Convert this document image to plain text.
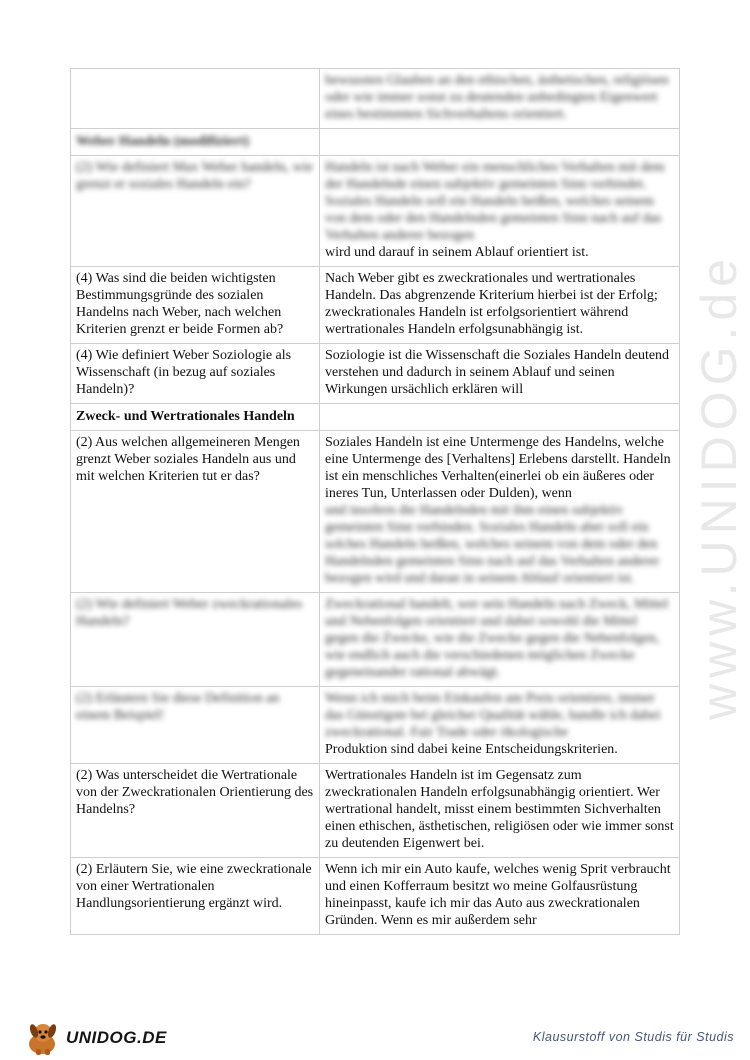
	bewussten Glauben an den ethischen, ästhetischen, religiösen oder wie immer sonst zu deutenden unbedingten Eigenwert eines bestimmten Sichverhaltens orientiert.

Weber Handeln (modifiziert)	
(2) Wie definiert Max Weber handeln, wie grenzt er soziales Handeln ein?	Handeln ist nach Weber ein menschliches Verhalten mit dem der Handelnde einen subjektiv gemeinten Sinn verbindet. Soziales Handeln soll ein Handeln heißen, welches seinem von dem oder den Handelnden gemeinten Sinn nach auf das Verhalten anderer bezogen
wird und darauf in seinem Ablauf orientiert ist.

(4) Was sind die beiden wichtigsten Bestimmungsgründe des sozialen Handelns nach Weber, nach welchen Kriterien grenzt er beide Formen ab?	Nach Weber gibt es zweckrationales und wertrationales Handeln. Das abgrenzende Kriterium hierbei ist der Erfolg; zweckrationales Handeln ist erfolgsorientiert während wertrationales Handeln erfolgsunabhängig ist.

(4) Wie definiert Weber Soziologie als Wissenschaft (in bezug auf soziales Handeln)?	Soziologie ist die Wissenschaft die Soziales Handeln deutend verstehen und dadurch in seinem Ablauf und seinen Wirkungen ursächlich erklären will

Zweck- und Wertrationales Handeln	
(2) Aus welchen allgemeineren Mengen grenzt Weber soziales Handeln aus und mit welchen Kriterien tut er das?	Soziales Handeln ist eine Untermenge des Handelns, welche eine Untermenge des [Verhaltens] Erlebens darstellt. Handeln ist ein menschliches Verhalten(einerlei ob ein äußeres oder ineres Tun, Unterlassen oder Dulden), wenn
und insofern die Handelnden mit ihm einen subjektiv gemeinten Sinn verbinden. Soziales Handeln aber soll ein solches Handeln heißen, welches seinem von dem oder den Handelnden gemeinten Sinn nach auf das Verhalten anderer bezogen wird und daran in seinem Ablauf orientiert ist.

(2) Wie definiert Weber zweckrationales Handeln?	Zweckrational handelt, wer sein Handeln nach Zweck, Mittel und Nebenfolgen orientiert und dabei sowohl die Mittel gegen die Zwecke, wie die Zwecke gegen die Nebenfolgen, wie endlich auch die verschiedenen möglichen Zwecke gegeneinander rational abwägt.

(2) Erläutern Sie diese Definition an einem Beispiel!	Wenn ich mich beim Einkaufen am Preis orientiere, immer das Günstigste bei gleicher Qualität wähle, handle ich dabei zweckrational. Fair Trade oder ökologische
Produktion sind dabei keine Entscheidungskriterien.

(2) Was unterscheidet die Wertrationale von der Zweckrationalen Orientierung des Handelns?	Wertrationales Handeln ist im Gegensatz zum zweckrationalen Handeln erfolgsunabhängig orientiert. Wer wertrational handelt, misst einem bestimmten Sichverhalten einen ethischen, ästhetischen, religiösen oder wie immer sonst zu deutenden Eigenwert bei.

(2) Erläutern Sie, wie eine zweckrationale von einer Wertrationalen Handlungsorientierung ergänzt wird.	Wenn ich mir ein Auto kaufe, welches wenig Sprit verbraucht und einen Kofferraum besitzt wo meine Golfausrüstung hineinpasst, kaufe ich mir das Auto aus zweckrationalen Gründen. Wenn es mir außerdem sehr
www.UNIDOG.de
UNIDOG.DE	Klausurstoff von Studis für Studis
